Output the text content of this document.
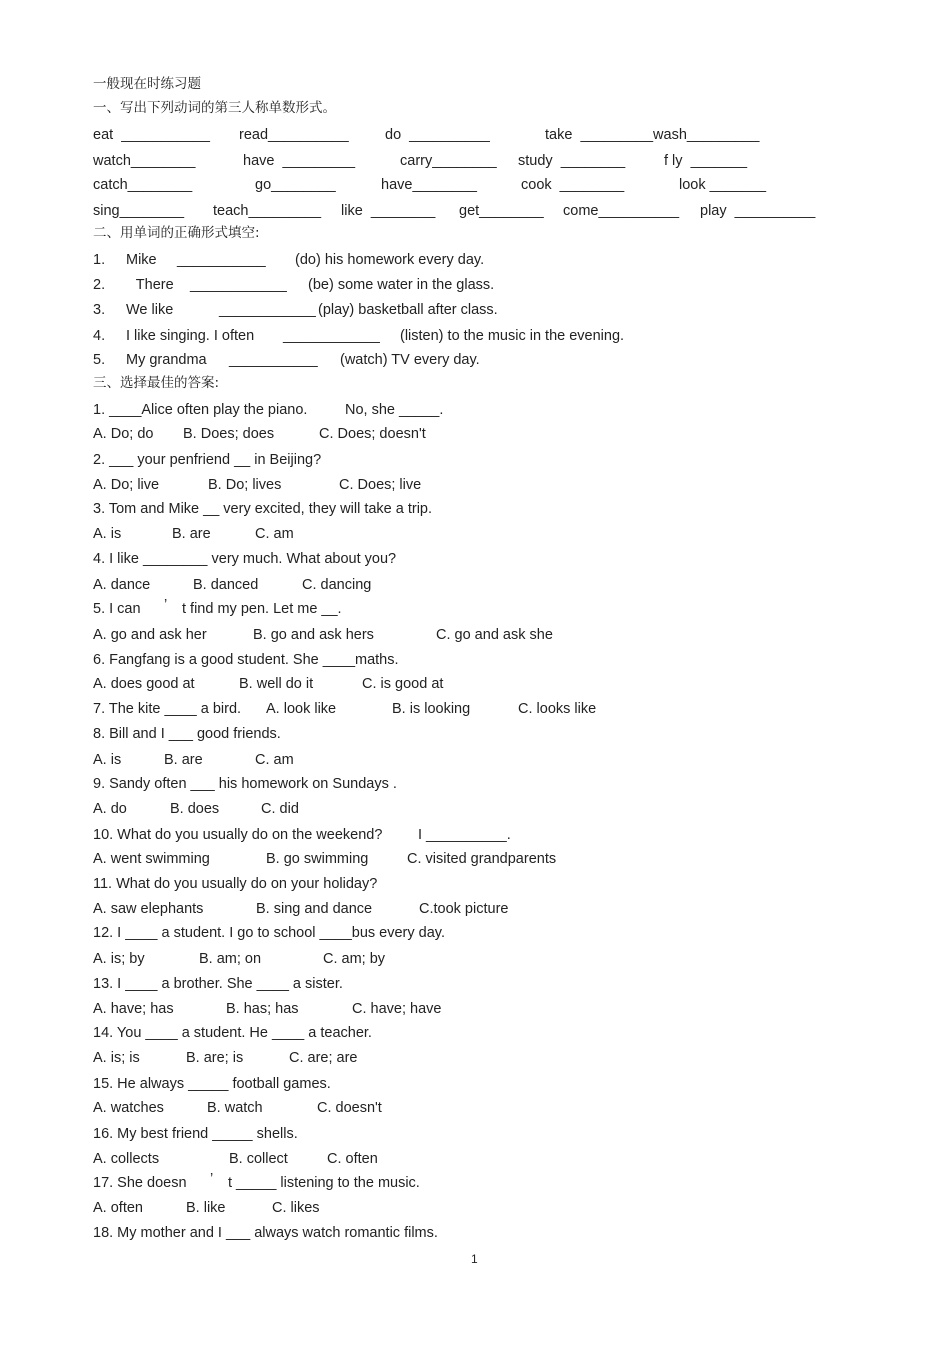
一般现在时练习题
一、写出下列动词的第三人称单数形式。
eat  ___________ read__________	do  __________	take  _________wash_________
watch________	have  _________	carry________ study  ________	f ly  _______
catch________	go________	have________	cook  ________	look _______
sing________ teach_________ like  ________ get________ come__________ play  __________
二、用单词的正确形式填空:
1. Mike ___________ (do) his homework every day.
2. There ____________ (be) some water in the glass.
3. We like	____________ (play) basketball after class.
4. I like singing. I often ____________ (listen) to the music in the evening.
5. My grandma ___________ (watch) TV every day.
三、选择最佳的答案:
1. ____Alice often play the piano.	No, she _____.
A. Do; do B. Does; does	C. Does; doesn't
2. ___ your penfriend __ in Beijing?
A. Do; live	B. Do; lives	C. Does; live
3. Tom and Mike __ very excited, they will take a trip.
A. is	B. are	C. am
4. I like ________ very much. What about you?
A. dance	B. danced	C. dancing
5. I can ’ t find my pen. Let me __.
A. go and ask her	B. go and ask hers	C. go and ask she
6. Fangfang is a good student. She ____maths.
A. does good at	B. well do it	C. is good at
7. The kite ____ a bird. A. look like	B. is looking	C. looks like
8. Bill and I ___ good friends.
A. is	B. are	C. am
9. Sandy often ___ his homework on Sundays .
A. do	B. does	C. did
10. What do you usually do on the weekend? I __________.
A. went swimming	B. go swimming	C. visited grandparents
11. What do you usually do on your holiday?
A. saw elephants	B. sing and dance	C.took picture
12. I ____ a student. I go to school ____bus every day.
A. is; by	B. am; on	C. am; by
13. I ____ a brother. She ____ a sister.
A. have; has	B. has; has	C. have; have
14. You ____ a student. He ____ a teacher.
A. is; is	B. are; is	C. are; are
15. He always _____ football games.
A. watches	B. watch	C. doesn't
16. My best friend _____ shells.
A. collects	B. collect	C. often
17. She doesn ’ t _____ listening to the music.
A. often	B. like	C. likes
18. My mother and I ___ always watch romantic films.
1
